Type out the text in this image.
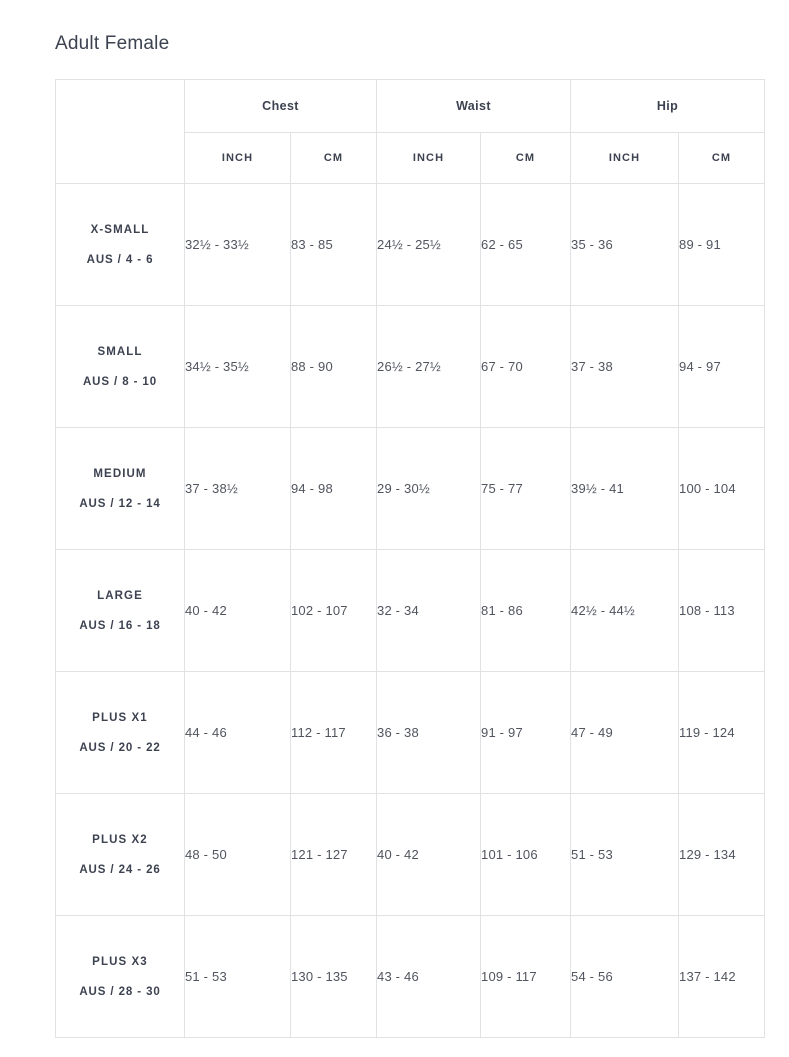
Adult Female
	Chest		Waist		Hip	
	INCH	CM	INCH	CM	INCH	CM

X-SMALL
AUS / 4 - 6	32½ - 33½	83 - 85	24½ - 25½	62 - 65	35 - 36	89 - 91

SMALL
AUS / 8 - 10	34½ - 35½	88 - 90	26½ - 27½	67 - 70	37 - 38	94 - 97

MEDIUM
AUS / 12 - 14	37 - 38½	94 - 98	29 - 30½	75 - 77	39½ - 41	100 - 104

LARGE
AUS / 16 - 18	40 - 42	102 - 107	32 - 34	81 - 86	42½ - 44½	108 - 113

PLUS X1
AUS / 20 - 22	44 - 46	112 - 117	36 - 38	91 - 97	47 - 49	119 - 124

PLUS X2
AUS / 24 - 26	48 - 50	121 - 127	40 - 42	101 - 106	51 - 53	129 - 134

PLUS X3
AUS / 28 - 30	51 - 53	130 - 135	43 - 46	109 - 117	54 - 56	137 - 142
